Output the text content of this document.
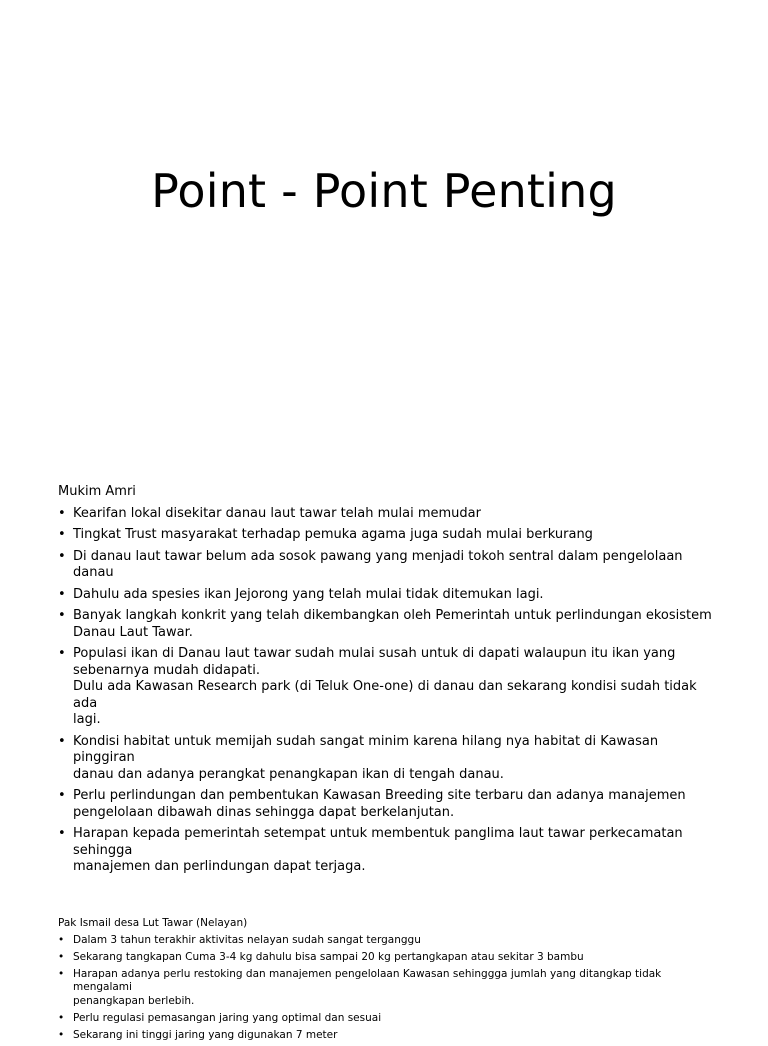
Point - Point Penting
Mukim Amri
• Kearifan lokal disekitar danau laut tawar telah mulai memudar
• Tingkat Trust masyarakat terhadap pemuka agama juga sudah mulai berkurang
• Di danau laut tawar belum ada sosok pawang yang menjadi tokoh sentral dalam pengelolaan danau
• Dahulu ada spesies ikan Jejorong yang telah mulai tidak ditemukan lagi.
• Banyak langkah konkrit yang telah dikembangkan oleh Pemerintah untuk perlindungan ekosistem
Danau Laut Tawar.
• Populasi ikan di Danau laut tawar sudah mulai susah untuk di dapati walaupun itu ikan yang
sebenarnya mudah didapati.
Dulu ada Kawasan Research park (di Teluk One-one) di danau dan sekarang kondisi sudah tidak ada
lagi.
• Kondisi habitat untuk memijah sudah sangat minim karena hilang nya habitat di Kawasan pinggiran
danau dan adanya perangkat penangkapan ikan di tengah danau.
• Perlu perlindungan dan pembentukan Kawasan Breeding site terbaru dan adanya manajemen
pengelolaan dibawah dinas sehingga dapat berkelanjutan.
• Harapan kepada pemerintah setempat untuk membentuk panglima laut tawar perkecamatan sehingga
manajemen dan perlindungan dapat terjaga.
Pak Ismail desa Lut Tawar (Nelayan)
• Dalam 3 tahun terakhir aktivitas nelayan sudah sangat terganggu
• Sekarang tangkapan Cuma 3-4 kg dahulu bisa sampai 20 kg pertangkapan atau sekitar 3 bambu
• Harapan adanya perlu restoking dan manajemen pengelolaan Kawasan sehinggga jumlah yang ditangkap tidak mengalami
penangkapan berlebih.
• Perlu regulasi pemasangan jaring yang optimal dan sesuai
• Sekarang ini tinggi jaring yang digunakan 7 meter
